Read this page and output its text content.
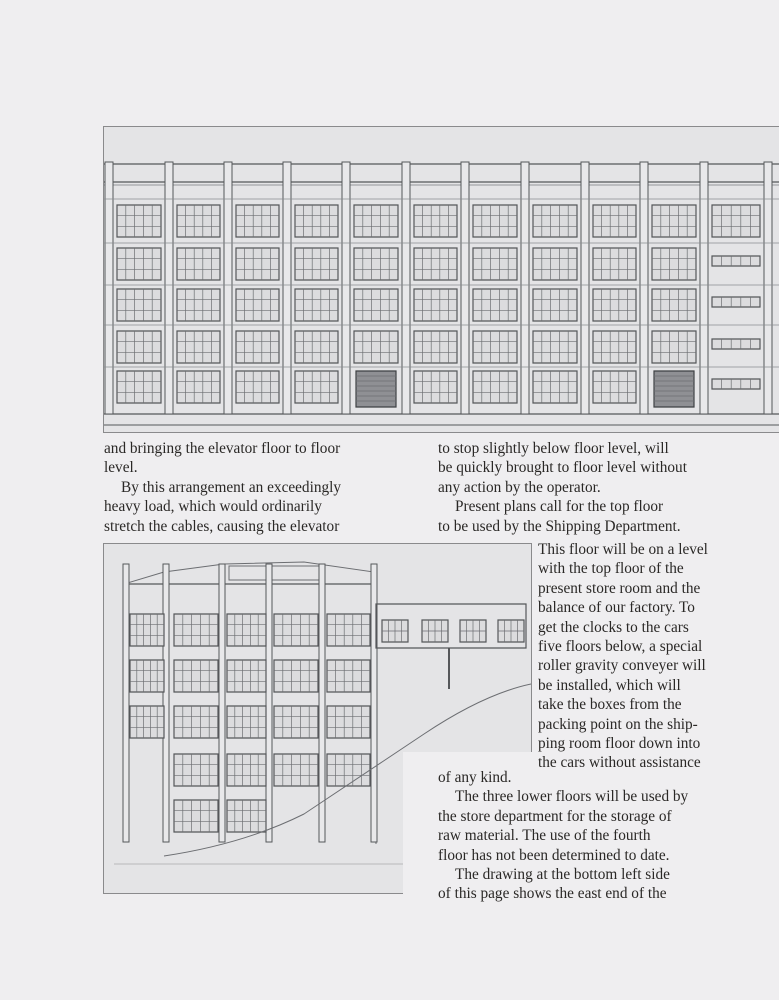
and bringing the elevator floor to floor
level.

By this arrangement an exceedingly
heavy load, which would ordinarily
stretch the cables, causing the elevator

to stop slightly below floor level, will
be quickly brought to floor level without
any action by the operator.

Present plans call for the top floor
to be used by the Shipping Department.

This floor will be on a level
with the top floor of the
present store room and the
balance of our factory. To
get the clocks to the cars
five floors below, a special
roller gravity conveyer will
be installed, which will
take the boxes from the
packing point on the ship-
ping room floor down into
the cars without assistance

of any kind.

The three lower floors will be used by
the store department for the storage of
raw material. The use of the fourth
floor has not been determined to date.

The drawing at the bottom left side
of this page shows the east end of the
